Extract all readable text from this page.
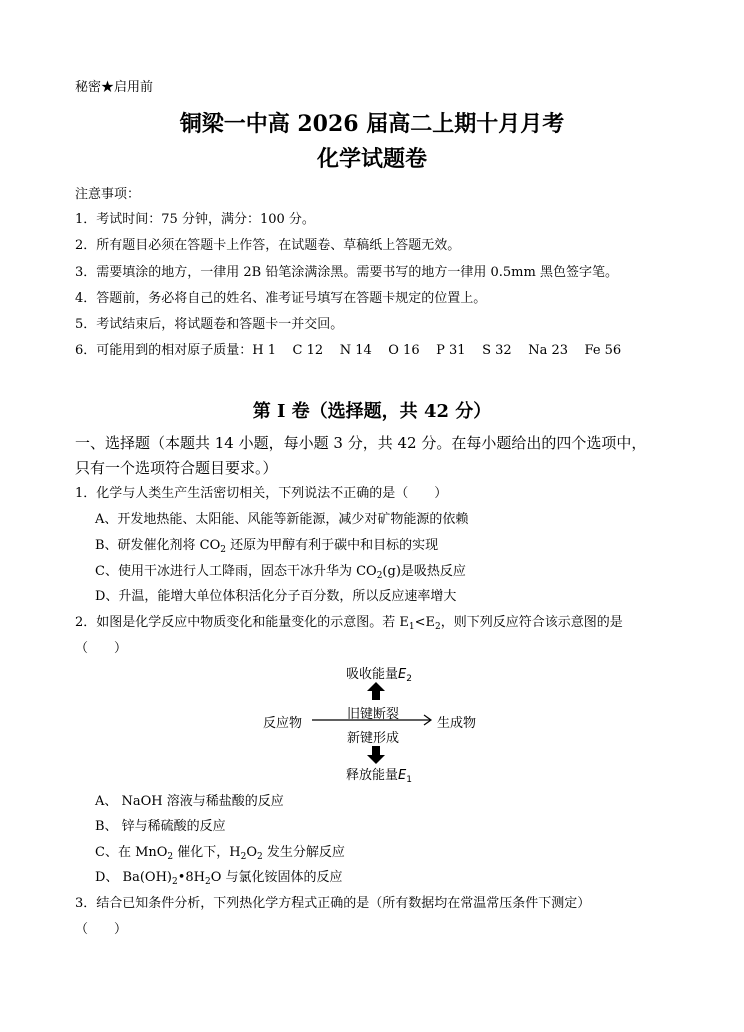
秘密★启用前
铜梁一中高 2026 届高二上期十月月考
化学试题卷
注意事项：
1．考试时间：75 分钟，满分：100 分。
2．所有题目必须在答题卡上作答，在试题卷、草稿纸上答题无效。
3．需要填涂的地方，一律用 2B 铅笔涂满涂黑。需要书写的地方一律用 0.5mm 黑色签字笔。
4．答题前，务必将自己的姓名、准考证号填写在答题卡规定的位置上。
5．考试结束后，将试题卷和答题卡一并交回。
6．可能用到的相对原子质量：H 1    C 12    N 14    O 16    P 31    S 32    Na 23    Fe 56
第 I 卷（选择题，共 42 分）
一、选择题（本题共 14 小题，每小题 3 分，共 42 分。在每小题给出的四个选项中，
只有一个选项符合题目要求。）
1．化学与人类生产生活密切相关，下列说法不正确的是（　　）
A、开发地热能、太阳能、风能等新能源，减少对矿物能源的依赖
B、研发催化剂将 $CO_2$ 还原为甲醇有利于碳中和目标的实现
C、使用干冰进行人工降雨，固态干冰升华为 $CO_2(g)$是吸热反应
D、升温，能增大单位体积活化分子百分数，所以反应速率增大
2．如图是化学反应中物质变化和能量变化的示意图。若 $E_1<E_2$，则下列反应符合该示意图的是
（　　）
吸收能量$E_2$
旧键断裂
反应物	生成物
新键形成
释放能量$E_1$
A、 NaOH 溶液与稀盐酸的反应
B、 锌与稀硫酸的反应
C、在 MnO$_2$ 催化下，$H_2O_2$ 发生分解反应
D、 $Ba(OH)_2•8H_2O$ 与氯化铵固体的反应
3．结合已知条件分析，下列热化学方程式正确的是（所有数据均在常温常压条件下测定）
（　　）
